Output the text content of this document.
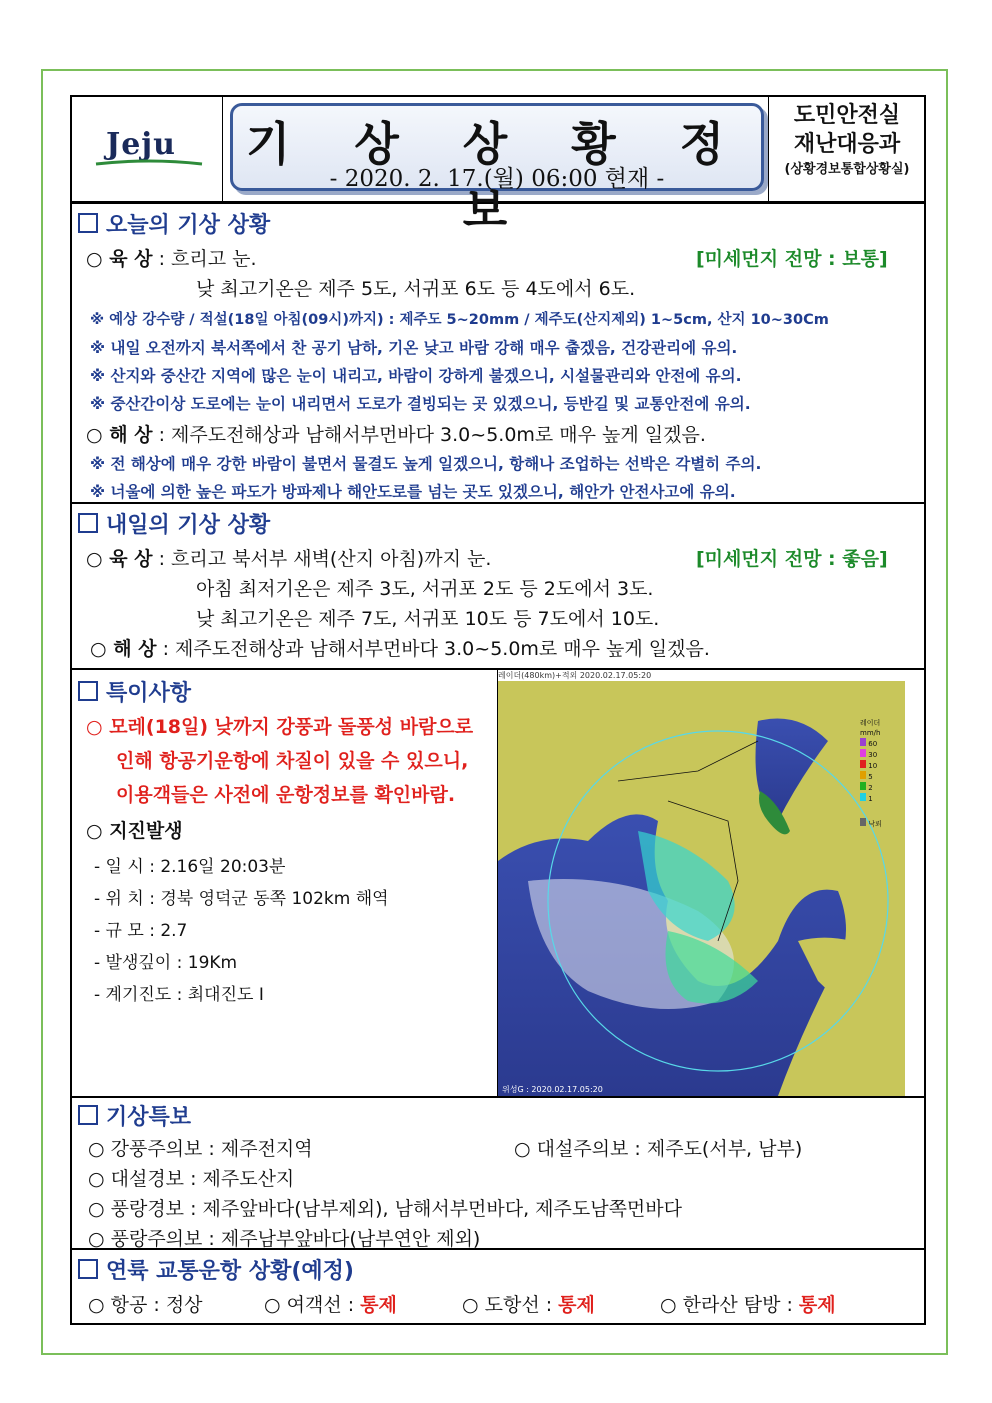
Jeju 기 상 상 황 정 보
- 2020. 2. 17.(월) 06:00 현재 -
도민안전실
재난대응과
(상황경보통합상황실)
오늘의 기상 상황
○ 육 상 : 흐리고 눈.	[미세먼지 전망 : 보통]
낮 최고기온은 제주 5도, 서귀포 6도 등 4도에서 6도.
※ 예상 강수량 / 적설(18일 아침(09시)까지) : 제주도 5~20mm / 제주도(산지제외) 1~5cm, 산지 10~30Cm
※ 내일 오전까지 북서쪽에서 찬 공기 남하, 기온 낮고 바람 강해 매우 춥겠음, 건강관리에 유의.
※ 산지와 중산간 지역에 많은 눈이 내리고, 바람이 강하게 불겠으니, 시설물관리와 안전에 유의.
※ 중산간이상 도로에는 눈이 내리면서 도로가 결빙되는 곳 있겠으니, 등반길 및 교통안전에 유의.
○ 해 상 : 제주도전해상과 남해서부먼바다 3.0~5.0m로 매우 높게 일겠음.
※ 전 해상에 매우 강한 바람이 불면서 물결도 높게 일겠으니, 항해나 조업하는 선박은 각별히 주의.
※ 너울에 의한 높은 파도가 방파제나 해안도로를 넘는 곳도 있겠으니, 해안가 안전사고에 유의.
내일의 기상 상황
○ 육 상 : 흐리고 북서부 새벽(산지 아침)까지 눈.	[미세먼지 전망 : 좋음]
아침 최저기온은 제주 3도, 서귀포 2도 등 2도에서 3도.
낮 최고기온은 제주 7도, 서귀포 10도 등 7도에서 10도.
○ 해 상 : 제주도전해상과 남해서부먼바다 3.0~5.0m로 매우 높게 일겠음.
특이사항
○ 모레(18일) 낮까지 강풍과 돌풍성 바람으로
인해 항공기운항에 차질이 있을 수 있으니,
이용객들은 사전에 운항정보를 확인바람.
○ 지진발생
- 일 시 : 2.16일 20:03분
- 위 치 : 경북 영덕군 동쪽 102km 해역
- 규 모 : 2.7
- 발생깊이 : 19Km
- 계기진도 : 최대진도 Ⅰ
레이더(480km)+적외 2020.02.17.05:20
레이더
mm/h
60
30
10
5
2
1
낙뢰
위성G : 2020.02.17.05:20
기상특보
○ 강풍주의보 : 제주전지역	○ 대설주의보 : 제주도(서부, 남부)
○ 대설경보 : 제주도산지
○ 풍랑경보 : 제주앞바다(남부제외), 남해서부먼바다, 제주도남쪽먼바다
○ 풍랑주의보 : 제주남부앞바다(남부연안 제외)
연륙 교통운항 상황(예정)
○ 항공 : 정상	○ 여객선 : 통제	○ 도항선 : 통제	○ 한라산 탐방 : 통제
